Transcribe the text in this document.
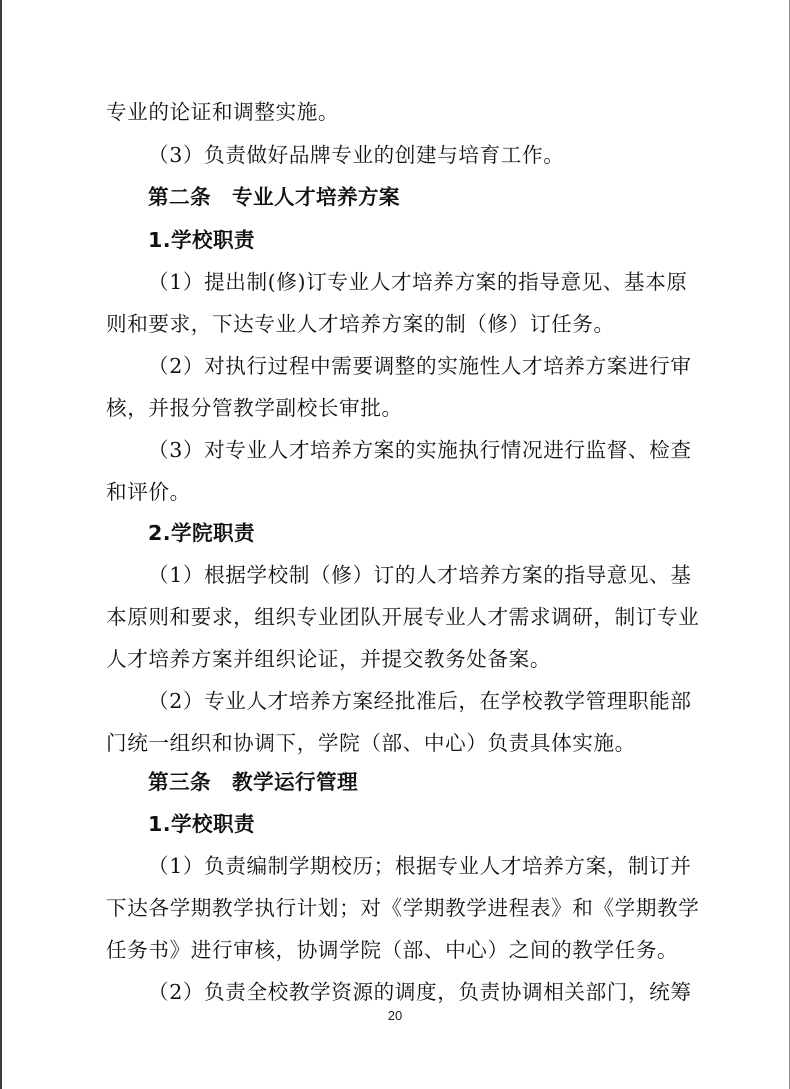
专业的论证和调整实施。
（3）负责做好品牌专业的创建与培育工作。
第二条　专业人才培养方案
1.学校职责
（1）提出制(修)订专业人才培养方案的指导意见、基本原
则和要求，下达专业人才培养方案的制（修）订任务。
（2）对执行过程中需要调整的实施性人才培养方案进行审
核，并报分管教学副校长审批。
（3）对专业人才培养方案的实施执行情况进行监督、检查
和评价。
2.学院职责
（1）根据学校制（修）订的人才培养方案的指导意见、基
本原则和要求，组织专业团队开展专业人才需求调研，制订专业
人才培养方案并组织论证，并提交教务处备案。
（2）专业人才培养方案经批准后，在学校教学管理职能部
门统一组织和协调下，学院（部、中心）负责具体实施。
第三条　教学运行管理
1.学校职责
（1）负责编制学期校历；根据专业人才培养方案，制订并
下达各学期教学执行计划；对《学期教学进程表》和《学期教学
任务书》进行审核，协调学院（部、中心）之间的教学任务。
（2）负责全校教学资源的调度，负责协调相关部门，统筹
20
